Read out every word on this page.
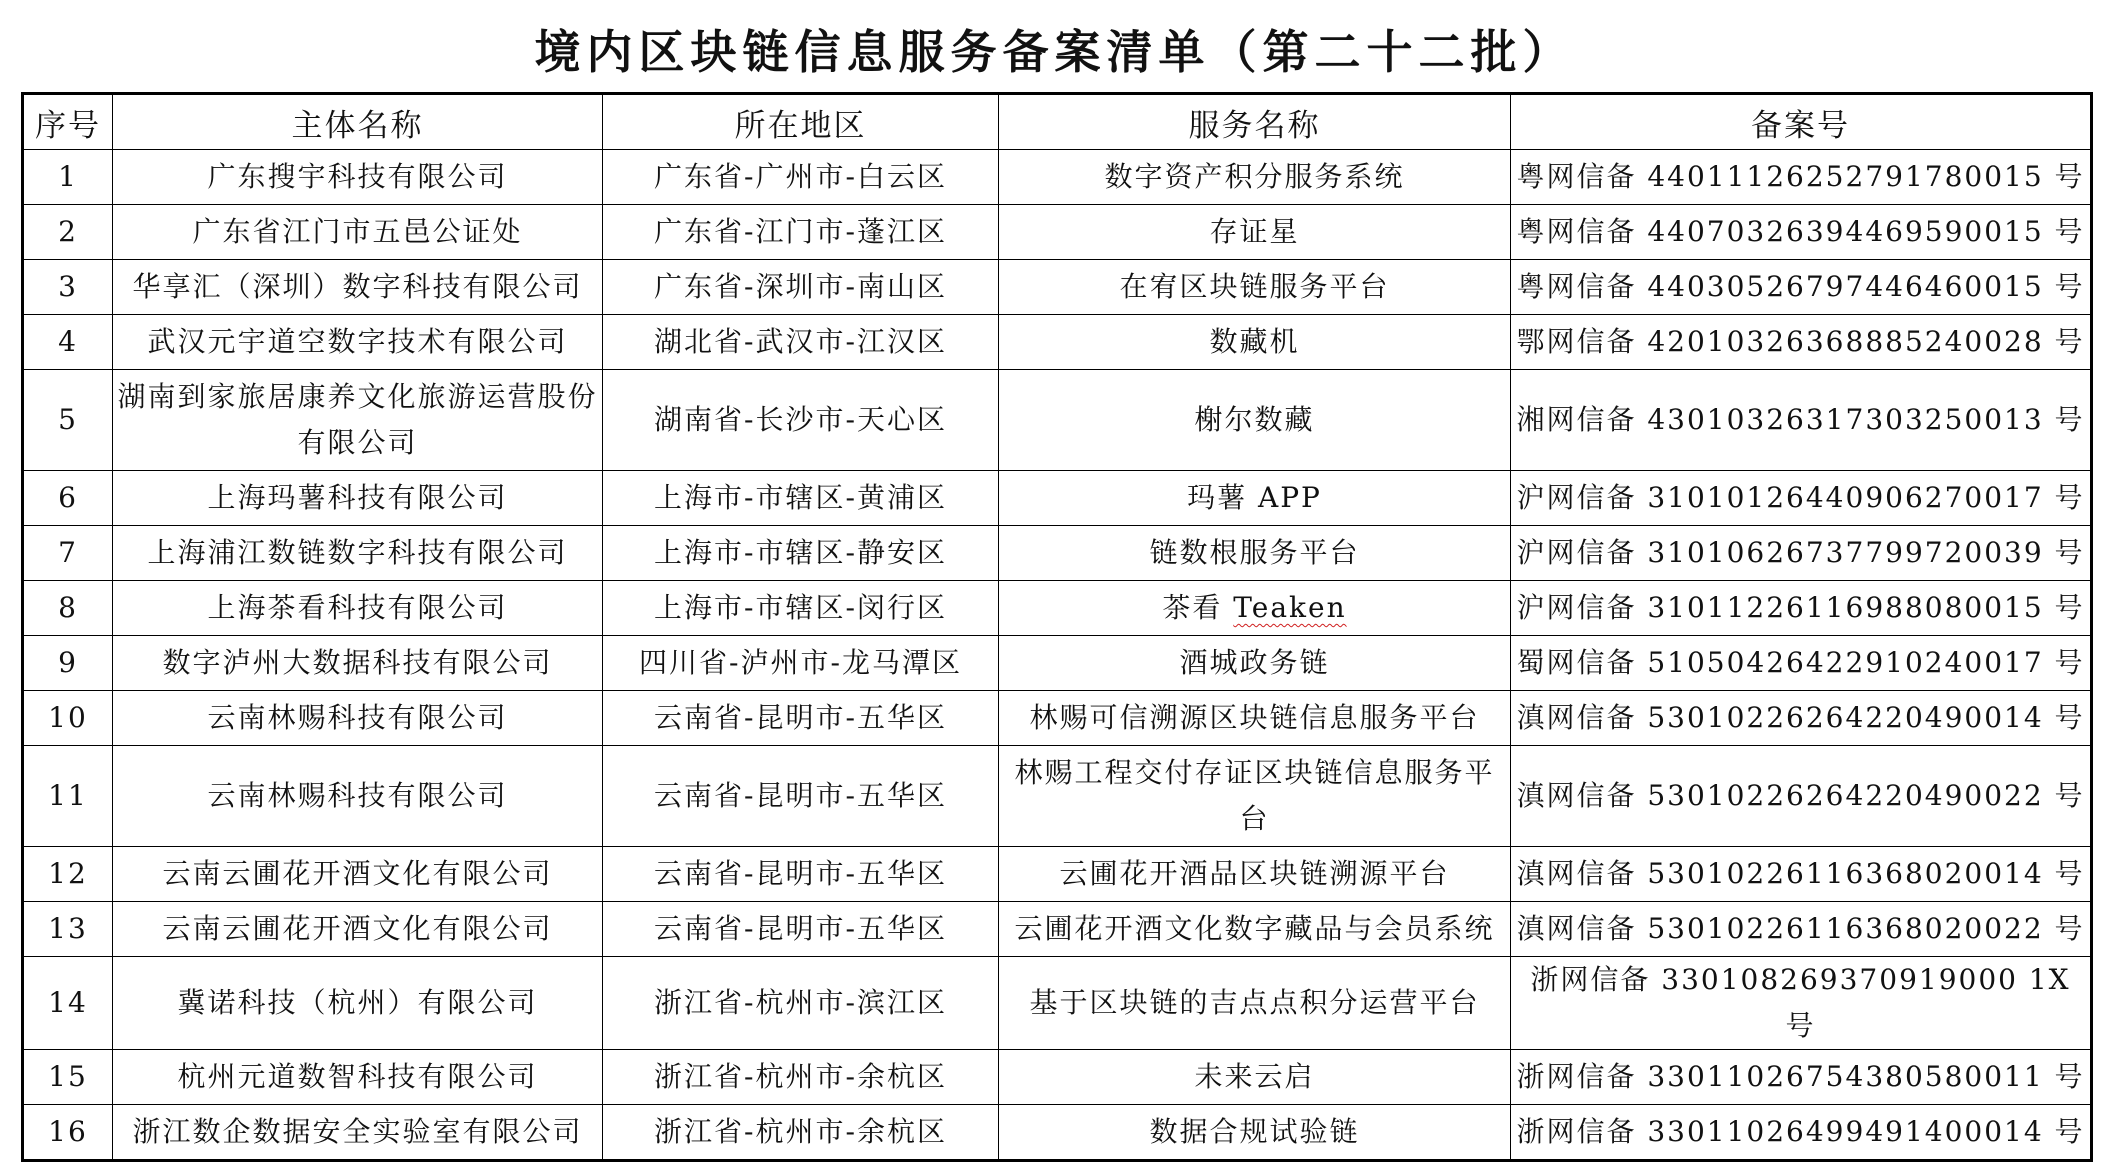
境内区块链信息服务备案清单（第二十二批）
序号	主体名称	所在地区	服务名称	备案号
1	广东搜宇科技有限公司	广东省-广州市-白云区	数字资产积分服务系统	粤网信备 44011126252791780015 号
2	广东省江门市五邑公证处	广东省-江门市-蓬江区	存证星	粤网信备 44070326394469590015 号
3	华享汇（深圳）数字科技有限公司	广东省-深圳市-南山区	在宥区块链服务平台	粤网信备 44030526797446460015 号
4	武汉元宇道空数字技术有限公司	湖北省-武汉市-江汉区	数藏机	鄂网信备 42010326368885240028 号
5	湖南到家旅居康养文化旅游运营股份有限公司	湖南省-长沙市-天心区	榭尔数藏	湘网信备 43010326317303250013 号
6	上海玛薯科技有限公司	上海市-市辖区-黄浦区	玛薯 APP	沪网信备 31010126440906270017 号
7	上海浦江数链数字科技有限公司	上海市-市辖区-静安区	链数根服务平台	沪网信备 31010626737799720039 号
8	上海茶看科技有限公司	上海市-市辖区-闵行区	茶看 Teaken	沪网信备 31011226116988080015 号
9	数字泸州大数据科技有限公司	四川省-泸州市-龙马潭区	酒城政务链	蜀网信备 51050426422910240017 号
10	云南林赐科技有限公司	云南省-昆明市-五华区	林赐可信溯源区块链信息服务平台	滇网信备 53010226264220490014 号
11	云南林赐科技有限公司	云南省-昆明市-五华区	林赐工程交付存证区块链信息服务平台	滇网信备 53010226264220490022 号
12	云南云圃花开酒文化有限公司	云南省-昆明市-五华区	云圃花开酒品区块链溯源平台	滇网信备 53010226116368020014 号
13	云南云圃花开酒文化有限公司	云南省-昆明市-五华区	云圃花开酒文化数字藏品与会员系统	滇网信备 53010226116368020022 号
14	冀诺科技（杭州）有限公司	浙江省-杭州市-滨江区	基于区块链的吉点点积分运营平台	浙网信备 330108269370919000 1X 号
15	杭州元道数智科技有限公司	浙江省-杭州市-余杭区	未来云启	浙网信备 33011026754380580011 号
16	浙江数企数据安全实验室有限公司	浙江省-杭州市-余杭区	数据合规试验链	浙网信备 33011026499491400014 号
